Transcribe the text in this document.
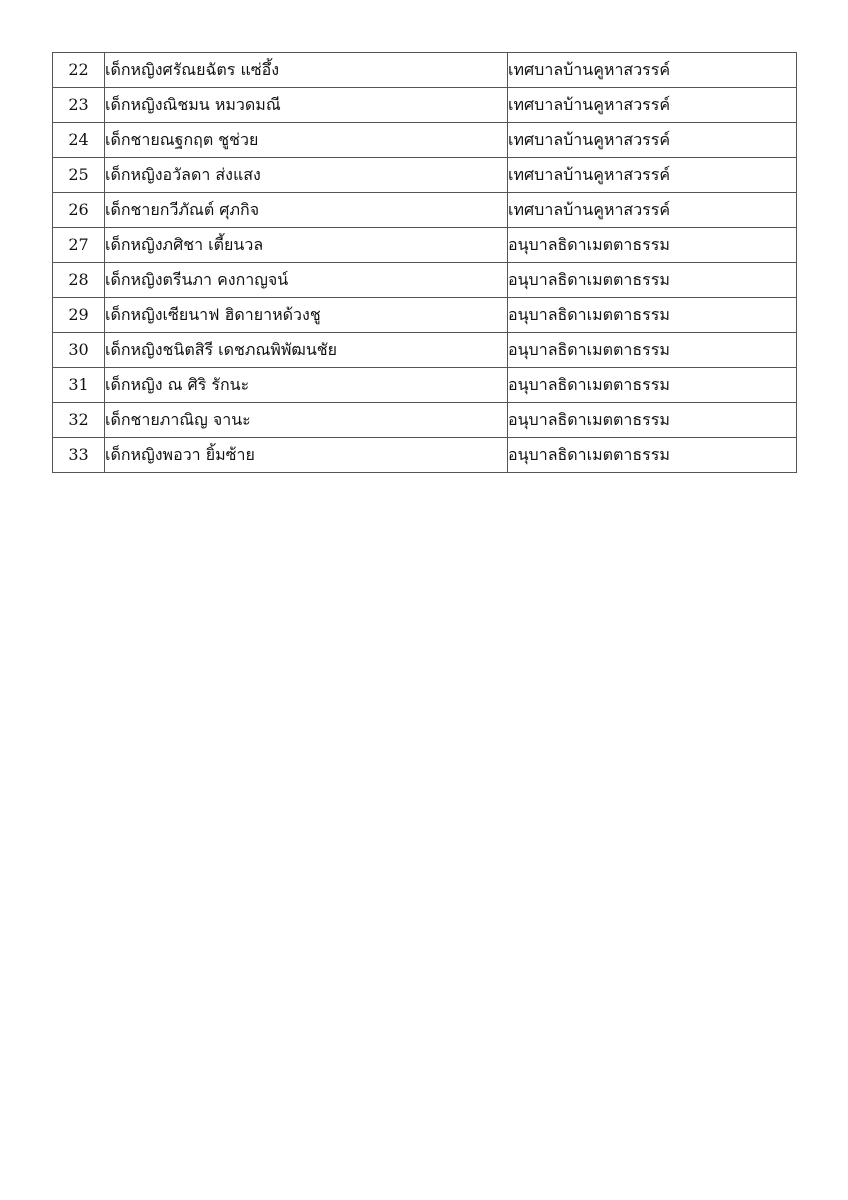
22	เด็กหญิงศรัณยฉัตร แซ่อึ้ง	เทศบาลบ้านคูหาสวรรค์
23	เด็กหญิงณิชมน หมวดมณี	เทศบาลบ้านคูหาสวรรค์
24	เด็กชายณฐกฤต ชูช่วย	เทศบาลบ้านคูหาสวรรค์
25	เด็กหญิงอวัลดา ส่งแสง	เทศบาลบ้านคูหาสวรรค์
26	เด็กชายกวีภัณต์ ศุภกิจ	เทศบาลบ้านคูหาสวรรค์
27	เด็กหญิงภศิชา เตี้ยนวล	อนุบาลธิดาเมตตาธรรม
28	เด็กหญิงตรีนภา คงกาญจน์	อนุบาลธิดาเมตตาธรรม
29	เด็กหญิงเซียนาฟ ฮิดายาหด้วงชู	อนุบาลธิดาเมตตาธรรม
30	เด็กหญิงชนิตสิรี เดชภณพิพัฒนชัย	อนุบาลธิดาเมตตาธรรม
31	เด็กหญิง ณ ศิริ รักนะ	อนุบาลธิดาเมตตาธรรม
32	เด็กชายภาณิญ จานะ	อนุบาลธิดาเมตตาธรรม
33	เด็กหญิงพอวา ยิ้มซ้าย	อนุบาลธิดาเมตตาธรรม
